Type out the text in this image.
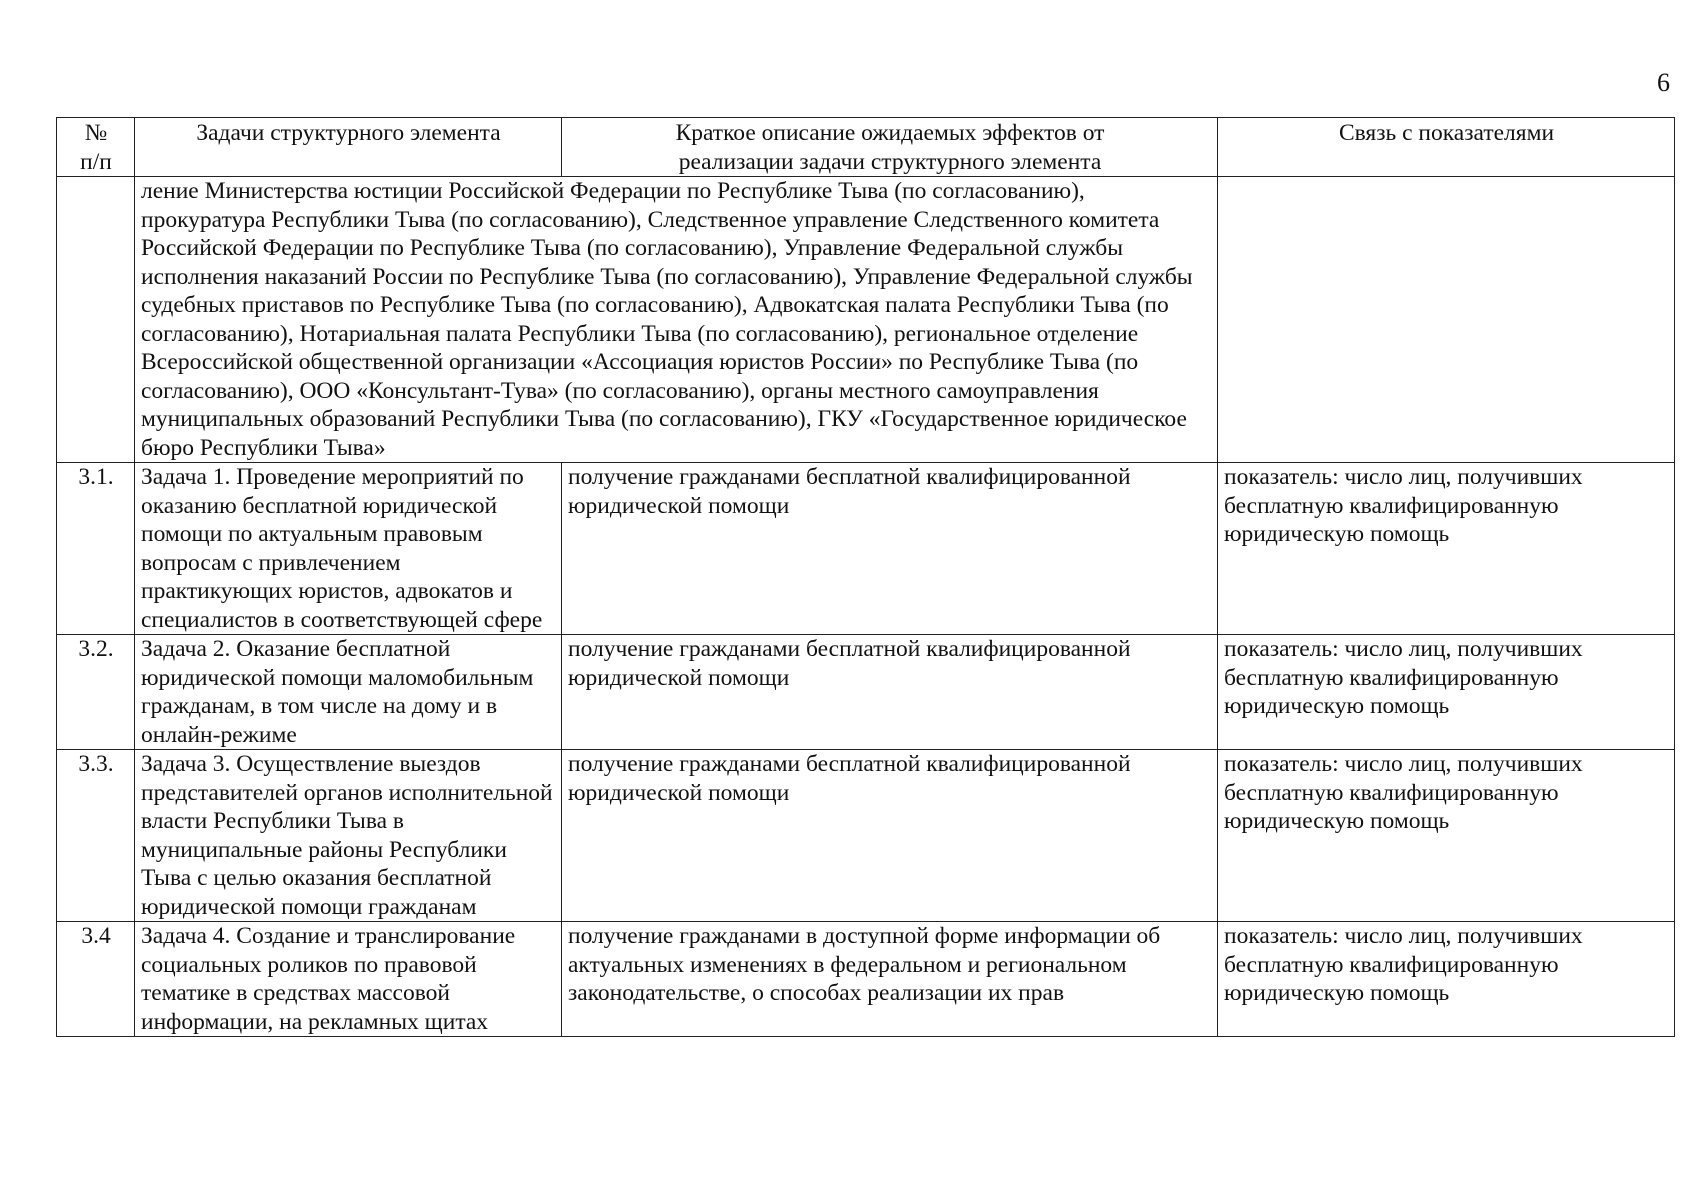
6
№ п/п	Задачи структурного элемента	Краткое описание ожидаемых эффектов от реализации задачи структурного элемента	Связь с показателями

	ление Министерства юстиции Российской Федерации по Республике Тыва (по согласованию), прокуратура Республики Тыва (по согласованию), Следственное управление Следственного комитета Российской Федерации по Республике Тыва (по согласованию), Управление Федеральной службы исполнения наказаний России по Республике Тыва (по согласованию), Управление Федеральной службы судебных приставов по Республике Тыва (по согласованию), Адвокатская палата Республики Тыва (по согласованию), Нотариальная палата Республики Тыва (по согласованию), региональное отделение Всероссийской общественной организации «Ассоциация юристов России» по Республике Тыва (по согласованию), ООО «Консультант-Тува» (по согласованию), органы местного самоуправления муниципальных образований Республики Тыва (по согласованию), ГКУ «Государственное юридическое бюро Республики Тыва»		

3.1.	Задача 1. Проведение мероприятий по оказанию бесплатной юридической помощи по актуальным правовым вопросам с привлечением практикующих юристов, адвокатов и специалистов в соответствующей сфере	получение гражданами бесплатной квалифицированной юридической помощи	показатель: число лиц, получивших бесплатную квалифицированную юридическую помощь
3.2.	Задача 2. Оказание бесплатной юридической помощи маломобильным гражданам, в том числе на дому и в онлайн-режиме	получение гражданами бесплатной квалифицированной юридической помощи	показатель: число лиц, получивших бесплатную квалифицированную юридическую помощь
3.3.	Задача 3. Осуществление выездов представителей органов исполнительной власти Республики Тыва в муниципальные районы Республики Тыва с целью оказания бесплатной юридической помощи гражданам	получение гражданами бесплатной квалифицированной юридической помощи	показатель: число лиц, получивших бесплатную квалифицированную юридическую помощь
3.4	Задача 4. Создание и транслирование социальных роликов по правовой тематике в средствах массовой информации, на рекламных щитах	получение гражданами в доступной форме информации об актуальных изменениях в федеральном и региональном законодательстве, о способах реализации их прав	показатель: число лиц, получивших бесплатную квалифицированную юридическую помощь
